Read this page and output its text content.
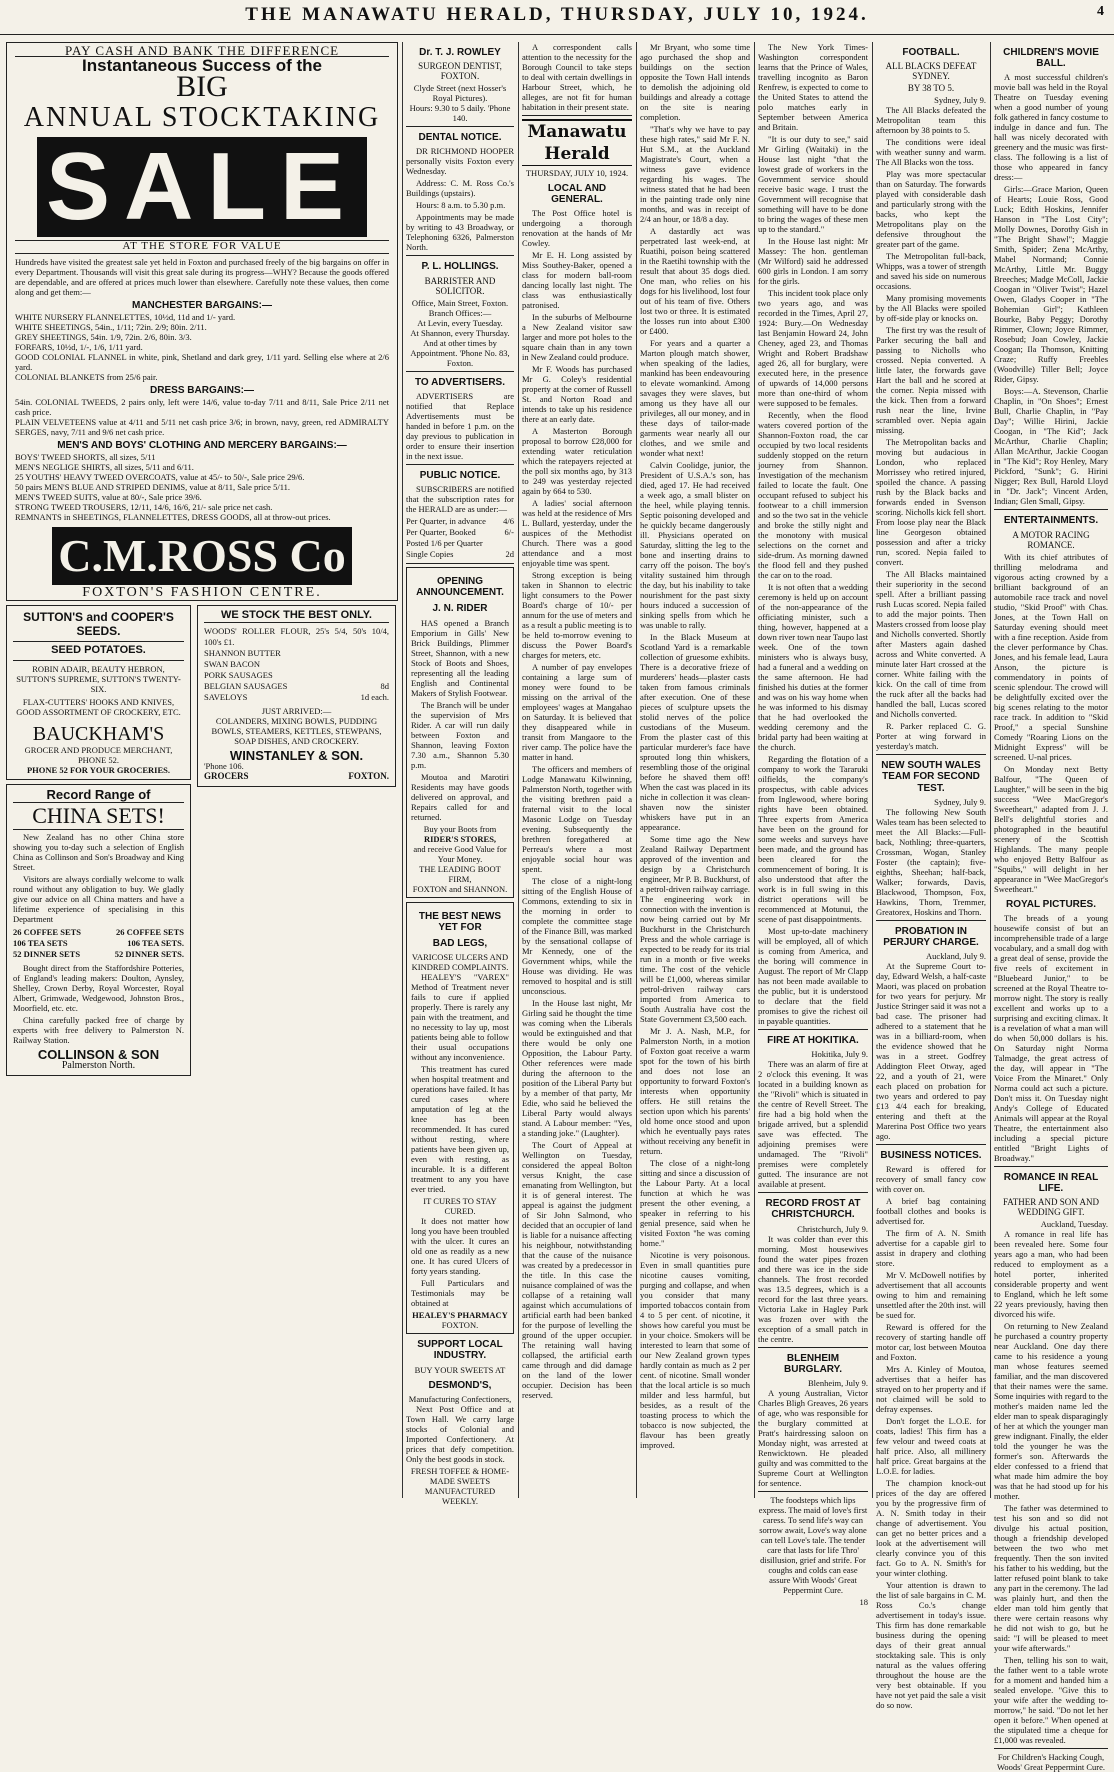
THE MANAWATU HERALD, THURSDAY, JULY 10, 1924.	4
PAY CASH AND BANK THE DIFFERENCE
Instantaneous Success of the
BIG
ANNUAL STOCKTAKING
SALE
AT THE STORE FOR VALUE
Hundreds have visited the greatest sale yet held in Foxton and purchased freely of the big bargains on offer in every Department. Thousands will visit this great sale during its progress—WHY? Because the goods offered are dependable, and are offered at prices much lower than elsewhere. Carefully note these values, then come along and get them:—
MANCHESTER BARGAINS:—
WHITE NURSERY FLANNELETTES, 10½d, 11d and 1/- yard.
WHITE SHEETINGS, 54in., 1/11; 72in. 2/9; 80in. 2/11.
GREY SHEETINGS, 54in. 1/9, 72in. 2/6, 80in. 3/3.
FORFARS, 10½d, 1/-, 1/6, 1/11 yard.
GOOD COLONIAL FLANNEL in white, pink, Shetland and dark grey, 1/11 yard. Selling else where at 2/6 yard.
COLONIAL BLANKETS from 25/6 pair.
DRESS BARGAINS:—
54in. COLONIAL TWEEDS, 2 pairs only, left were 14/6, value to-day 7/11 and 8/11, Sale Price 2/11 net cash price.
PLAIN VELVETEENS value at 4/11 and 5/11 net cash price 3/6; in brown, navy, green, red ADMIRALTY SERGES, navy, 7/11 and 9/6 net cash price.
MEN'S AND BOYS' CLOTHING AND MERCERY BARGAINS:—
BOYS' TWEED SHORTS, all sizes, 5/11
MEN'S NEGLIGE SHIRTS, all sizes, 5/11 and 6/11.
25 YOUTHS' HEAVY TWEED OVERCOATS, value at 45/- to 50/-, Sale price 29/6.
50 pairs MEN'S BLUE AND STRIPED DENIMS, value at 8/11, Sale price 5/11.
MEN'S TWEED SUITS, value at 80/-, Sale price 39/6.
STRONG TWEED TROUSERS, 12/11, 14/6, 16/6, 21/- sale price net cash.
REMNANTS in SHEETINGS, FLANNELETTES, DRESS GOODS, all at throw-out prices.
C.M.ROSS Co
FOXTON'S FASHION CENTRE.
SUTTON'S and COOPER'S SEEDS.
SEED POTATOES.
ROBIN ADAIR, BEAUTY HEBRON, SUTTON'S SUPREME, SUTTON'S TWENTY-SIX.
FLAX-CUTTERS' HOOKS AND KNIVES, GOOD ASSORTMENT OF CROCKERY, ETC.
BAUCKHAM'S
GROCER AND PRODUCE MERCHANT, PHONE 52.
PHONE 52 FOR YOUR GROCERIES.
Record Range of
CHINA SETS!

New Zealand has no other China store showing you to-day such a selection of English China as Collinson and Son's Broadway and King Street.

Visitors are always cordially welcome to walk round without any obligation to buy. We gladly give our advice on all China matters and have a lifetime experience of specialising in this Department

26 COFFEE SETS	26 COFFEE SETS
106 TEA SETS	106 TEA SETS.
52 DINNER SETS	52 DINNER SETS.

Bought direct from the Staffordshire Potteries, of England's leading makers: Doulton, Aynsley, Shelley, Crown Derby, Royal Worcester, Royal Albert, Grimwade, Wedgewood, Johnston Bros., Moorfield, etc. etc.

China carefully packed free of charge by experts with free delivery to Palmerston N. Railway Station.

COLLINSON & SON
Palmerston North.
WE STOCK THE BEST ONLY.
WOODS' ROLLER FLOUR, 25's 5/4, 50's 10/4, 100's £1.
SHANNON BUTTER
SWAN BACON
PORK SAUSAGES
BELGIAN SAUSAGES	8d
SAVELOYS	1d each.
JUST ARRIVED:—
COLANDERS, MIXING BOWLS, PUDDING BOWLS, STEAMERS, KETTLES, STEWPANS, SOAP DISHES, AND CROCKERY.
WINSTANLEY & SON.
'Phone 106.
GROCERS	FOXTON.
Dr. T. J. ROWLEY
SURGEON DENTIST, FOXTON.
Clyde Street (next Hosser's Royal Pictures).
Hours: 9.30 to 5 daily. 'Phone 140.
DENTAL NOTICE.

DR RICHMOND HOOPER personally visits Foxton every Wednesday.

Address: C. M. Ross Co.'s Buildings (upstairs).

Hours: 8 a.m. to 5.30 p.m.

Appointments may be made by writing to 43 Broadway, or Telephoning 6326, Palmerston North.

P. L. HOLLINGS.
BARRISTER AND SOLICITOR.
Office, Main Street, Foxton.
Branch Offices:—
At Levin, every Tuesday.
At Shannon, every Thursday.
And at other times by Appointment. 'Phone No. 83, Foxton.
TO ADVERTISERS.

ADVERTISERS are notified that Replace Advertisements must be handed in before 1 p.m. on the day previous to publication in order to ensure their insertion in the next issue.

PUBLIC NOTICE.

SUBSCRIBERS are notified that the subscription rates for the HERALD are as under:—

Per Quarter, in advance 4/6
Per Quarter, Booked	6/-
Posted 1/6 per Quarter
Single Copies	2d
OPENING ANNOUNCEMENT.
J. N. RIDER

HAS opened a Branch Emporium in Gills' New Brick Buildings, Plimmer Street, Shannon, with a new Stock of Boots and Shoes, representing all the leading English and Continental Makers of Stylish Footwear.

The Branch will be under the supervision of Mrs Rider. A car will run daily between Foxton and Shannon, leaving Foxton 7.30 a.m., Shannon 5.30 p.m.

Moutoa and Marotiri Residents may have goods delivered on approval, and Repairs called for and returned.

Buy your Boots from
RIDER'S STORES,
and receive Good Value for Your Money.
THE LEADING BOOT FIRM,
FOXTON and SHANNON.
THE BEST NEWS YET FOR
BAD LEGS,
VARICOSE ULCERS AND KINDRED COMPLAINTS.

HEALEY'S "VAREX" Method of Treatment never fails to cure if applied properly. There is rarely any pain with the treatment, and no necessity to lay up, most patients being able to follow their usual occupations without any inconvenience.

This treatment has cured when hospital treatment and operations have failed. It has cured cases where amputation of leg at the knee has been recommended. It has cured without resting, where patients have been given up, even with resting, as incurable. It is a different treatment to any you have ever tried.

IT CURES TO STAY CURED.

It does not matter how long you have been troubled with the ulcer. It cures an old one as readily as a new one. It has cured Ulcers of forty years standing.

Full Particulars and Testimonials may be obtained at

HEALEY'S PHARMACY
FOXTON.
SUPPORT LOCAL INDUSTRY.
BUY YOUR SWEETS AT
DESMOND'S,
Manufacturing Confectioners,

Next Post Office and at Town Hall. We carry large stocks of Colonial and Imported Confectionery. At prices that defy competition. Only the best goods in stock.

FRESH TOFFEE & HOME-MADE SWEETS MANUFACTURED WEEKLY.

A correspondent calls attention to the necessity for the Borough Council to take steps to deal with certain dwellings in Harbour Street, which, he alleges, are not fit for human habitation in their present state.

Manawatu Herald
THURSDAY, JULY 10, 1924.
LOCAL AND GENERAL.

The Post Office hotel is undergoing a thorough renovation at the hands of Mr Cowley.

Mr E. H. Long assisted by Miss Southey-Baker, opened a class for modern ball-room dancing locally last night. The class was enthusiastically patronised.

In the suburbs of Melbourne a New Zealand visitor saw larger and more pot holes to the square chain than in any town in New Zealand could produce.

Mr F. Woods has purchased Mr G. Coley's residential property at the corner of Russell St. and Norton Road and intends to take up his residence there at an early date.

A Masterton Borough proposal to borrow £28,000 for extending water reticulation which the ratepayers rejected at the poll six months ago, by 313 to 249 was yesterday rejected again by 664 to 530.

A ladies' social afternoon was held at the residence of Mrs L. Bullard, yesterday, under the auspices of the Methodist Church. There was a good attendance and a most enjoyable time was spent.

Strong exception is being taken in Shannon to electric light consumers to the Power Board's charge of 10/- per annum for the use of meters and as a result a public meeting is to be held to-morrow evening to discuss the Power Board's charges for meters, etc.

A number of pay envelopes containing a large sum of money were found to be missing on the arrival of the employees' wages at Mangahao on Saturday. It is believed that they disappeared while in transit from Mangaore to the river camp. The police have the matter in hand.

The officers and members of Lodge Manawatu Kilwinning, Palmerston North, together with the visiting brethren paid a fraternal visit to the local Masonic Lodge on Tuesday evening. Subsequently the brethren foregathered at Perreau's where a most enjoyable social hour was spent.

The close of a night-long sitting of the English House of Commons, extending to six in the morning in order to complete the committee stage of the Finance Bill, was marked by the sensational collapse of Mr Kennedy, one of the Government whips, while the House was dividing. He was removed to hospital and is still unconscious.

In the House last night, Mr Girling said he thought the time was coming when the Liberals would be extinguished and that there would be only one Opposition, the Labour Party. Other references were made during the afternoon to the position of the Liberal Party but by a member of that party, Mr Edie, who said he believed the Liberal Party would always stand. A Labour member: "Yes, a standing joke." (Laughter).

The Court of Appeal at Wellington on Tuesday, considered the appeal Bolton versus Knight, the case emanating from Wellington, but it is of general interest. The appeal is against the judgment of Sir John Salmond, who decided that an occupier of land is liable for a nuisance affecting his neighbour, notwithstanding that the cause of the nuisance was created by a predecessor in the title. In this case the nuisance complained of was the collapse of a retaining wall against which accumulations of artificial earth had been banked for the purpose of levelling the ground of the upper occupier. The retaining wall having collapsed, the artificial earth came through and did damage on the land of the lower occupier. Decision has been reserved.

Mr Bryant, who some time ago purchased the shop and buildings on the section opposite the Town Hall intends to demolish the adjoining old buildings and already a cottage on the site is nearing completion.

"That's why we have to pay these high rates," said Mr F. N. Hut S.M., at the Auckland Magistrate's Court, when a witness gave evidence regarding his wages. The witness stated that he had been in the painting trade only nine months, and was in receipt of 2/4 an hour, or 18/8 a day.

A dastardly act was perpetrated last week-end, at Ruatihi, poison being scattered in the Raetihi township with the result that about 35 dogs died. One man, who relies on his dogs for his livelihood, lost four out of his team of five. Others lost two or three. It is estimated the losses run into about £300 or £400.

For years and a quarter a Marton plough match shower, when speaking of the ladies, mankind has been endeavouring to elevate womankind. Among savages they were slaves, but among us they have all our privileges, all our money, and in these days of tailor-made garments wear nearly all our clothes, and we smile and wonder what next!

Calvin Coolidge, junior, the President of U.S.A.'s son, has died, aged 17. He had received a week ago, a small blister on the heel, while playing tennis. Septic poisoning developed and he quickly became dangerously ill. Physicians operated on Saturday, slitting the leg to the bone and inserting drains to carry off the poison. The boy's vitality sustained him through the day, but his inability to take nourishment for the past sixty hours induced a succession of sinking spells from which he was unable to rally.

In the Black Museum at Scotland Yard is a remarkable collection of gruesome exhibits. There is a decorative frieze of murderers' heads—plaster casts taken from famous criminals after execution. One of these pieces of sculpture upsets the stolid nerves of the police custodians of the Museum. From the plaster cast of this particular murderer's face have sprouted long thin whiskers, resembling those of the original before he shaved them off! When the cast was placed in its niche in collection it was clean-shaven now the sinister whiskers have put in an appearance.

Some time ago the New Zealand Railway Department approved of the invention and design by a Christchurch engineer, Mr P. B. Buckhurst, of a petrol-driven railway carriage. The engineering work in connection with the invention is now being carried out by Mr Buckhurst in the Christchurch Press and the whole carriage is expected to be ready for its trial run in a month or five weeks time. The cost of the vehicle will be £1,000, whereas similar petrol-driven railway cars imported from America to South Australia have cost the State Government £3,500 each.

Mr J. A. Nash, M.P., for Palmerston North, in a motion of Foxton goat receive a warm spot for the town of his birth and does not lose an opportunity to forward Foxton's interests when opportunity offers. He still retains the section upon which his parents' old home once stood and upon which he eventually pays rates without receiving any benefit in return.

The close of a night-long sitting and since a discussion of the Labour Party. At a local function at which he was present the other evening, a speaker in referring to his genial presence, said when he visited Foxton "he was coming home."

Nicotine is very poisonous. Even in small quantities pure nicotine causes vomiting, purging and collapse, and when you consider that many imported tobaccos contain from 4 to 5 per cent. of nicotine, it shows how careful you must be in your choice. Smokers will be interested to learn that some of our New Zealand grown types hardly contain as much as 2 per cent. of nicotine. Small wonder that the local article is so much milder and less harmful, but besides, as a result of the toasting process to which the tobacco is now subjected, the flavour has been greatly improved.

The New York Times-Washington correspondent learns that the Prince of Wales, travelling incognito as Baron Renfrew, is expected to come to the United States to attend the polo matches early in September between America and Britain.

"It is our duty to see," said Mr Girling (Waitaki) in the House last night "that the lowest grade of workers in the Government service should receive basic wage. I trust the Government will recognise that something will have to be done to bring the wages of these men up to the standard."

In the House last night: Mr Massey: The hon. gentleman (Mr Wilford) said he addressed 600 girls in London. I am sorry for the girls.

This incident took place only two years ago, and was recorded in the Times, April 27, 1924: Bury.—On Wednesday last Benjamin Howard 24, John Cheney, aged 23, and Thomas Wright and Robert Bradshaw aged 26, all for burglary, were executed here, in the presence of upwards of 14,000 persons more than one-third of whom were supposed to be females.

Recently, when the flood waters covered portion of the Shannon-Foxton road, the car occupied by two local residents suddenly stopped on the return journey from Shannon. Investigation of the mechanism failed to locate the fault. One occupant refused to subject his footwear to a chill immersion and so the two sat in the vehicle and broke the stilly night and the monotony with musical selections on the cornet and side-drum. As morning dawned the flood fell and they pushed the car on to the road.

It is not often that a wedding ceremony is held up on account of the non-appearance of the officiating minister, such a thing, however, happened at a down river town near Taupo last week. One of the town ministers who is always busy, had a funeral and a wedding on the same afternoon. He had finished his duties at the former and was on his way home when he was informed to his dismay that he had overlooked the wedding ceremony and the bridal party had been waiting at the church.

Regarding the flotation of a company to work the Tararuki oilfields, the company's prospectus, with cable advices from Inglewood, where boring rights have been obtained. Three experts from America have been on the ground for some weeks and surveys have been made, and the ground has been cleared for the commencement of boring. It is also understood that after the work is in full swing in this district operations will be recommenced at Motunui, the scene of past disappointments.

Most up-to-date machinery will be employed, all of which is coming from America, and the boring will commence in August. The report of Mr Clapp has not been made available to the public, but it is understood to declare that the field promises to give the richest oil in payable quantities.

FIRE AT HOKITIKA.
Hokitika, July 9.

There was an alarm of fire at 2 o'clock this evening. It was located in a building known as the "Rivoli" which is situated in the centre of Revell Street. The fire had a big hold when the brigade arrived, but a splendid save was effected. The adjoining premises were undamaged. The "Rivoli" premises were completely gutted. The insurance are not available at present.

RECORD FROST AT CHRISTCHURCH.
Christchurch, July 9.

It was colder than ever this morning. Most housewives found the water pipes frozen and there was ice in the side channels. The frost recorded was 13.5 degrees, which is a record for the last three years. Victoria Lake in Hagley Park was frozen over with the exception of a small patch in the centre.

BLENHEIM BURGLARY.
Blenheim, July 9.

A young Australian, Victor Charles Bligh Greaves, 26 years of age, who was responsible for the burglary committed at Pratt's hairdressing saloon on Monday night, was arrested at Renwicktown. He pleaded guilty and was committed to the Supreme Court at Wellington for sentence.

The foodsteps which lips express. The maid of love's first caress. To send life's way can sorrow await, Love's way alone can tell Love's tale. The tender care that lasts for life Thro' disillusion, grief and strife. For coughs and colds can ease assure With Woods' Great Peppermint Cure.

18
FOOTBALL.
ALL BLACKS DEFEAT SYDNEY.
BY 38 TO 5.
Sydney, July 9.

The All Blacks defeated the Metropolitan team this afternoon by 38 points to 5.

The conditions were ideal with weather sunny and warm. The All Blacks won the toss.

Play was more spectacular than on Saturday. The forwards played with considerable dash and particularly strong with the backs, who kept the Metropolitans play on the defensive throughout the greater part of the game.

The Metropolitan full-back, Whipps, was a tower of strength and saved his side on numerous occasions.

Many promising movements by the All Blacks were spoiled by off-side play or knocks on.

The first try was the result of Parker securing the ball and passing to Nicholls who crossed. Nepia converted. A little later, the forwards gave Hart the ball and he scored at the corner. Nepia missed with the kick. Then from a forward rush near the line, Irvine scrambled over. Nepia again missing.

The Metropolitan backs and moving but audacious in London, who replaced Morrissey who retired injured, spoiled the chance. A passing rush by the Black backs and forwards ended in Svenson scoring. Nicholls kick fell short. From loose play near the Black line Georgeson obtained possession and after a tricky run, scored. Nepia failed to convert.

The All Blacks maintained their superiority in the second spell. After a brilliant passing rush Lucas scored. Nepia failed to add the major points. Then Masters crossed from loose play and Nicholls converted. Shortly after Masters again dashed across and White converted. A minute later Hart crossed at the corner. White failing with the kick. On the call of time from the ruck after all the backs had handled the ball, Lucas scored and Nicholls converted.

R. Parker replaced C. G. Porter at wing forward in yesterday's match.

NEW SOUTH WALES TEAM FOR SECOND TEST.
Sydney, July 9.

The following New South Wales team has been selected to meet the All Blacks:—Full-back, Nothling; three-quarters, Crossman, Wogan, Stanley Foster (the captain); five-eighths, Sheehan; half-back, Walker; forwards, Davis, Blackwood, Thompson, Fox, Hawkins, Thorn, Tremmer, Greatorex, Hoskins and Thorn.

PROBATION IN PERJURY CHARGE.
Auckland, July 9.

At the Supreme Court to-day, Edward Welsh, a half-caste Maori, was placed on probation for two years for perjury. Mr Justice Stringer said it was not a bad case. The prisoner had adhered to a statement that he was in a billiard-room, when the evidence showed that he was in a street. Godfrey Addington Fleet Otway, aged 22, and a youth of 21, were each placed on probation for two years and ordered to pay £13 4/4 each for breaking, entering and theft at the Marerina Post Office two years ago.

BUSINESS NOTICES.

Reward is offered for recovery of small fancy cow with cover on.

A brief bag containing football clothes and books is advertised for.

The firm of A. N. Smith advertise for a capable girl to assist in drapery and clothing store.

Mr V. McDowell notifies by advertisement that all accounts owing to him and remaining unsettled after the 20th inst. will be sued for.

Reward is offered for the recovery of starting handle off motor car, lost between Moutoa and Foxton.

Mrs A. Kinley of Moutoa, advertises that a heifer has strayed on to her property and if not claimed will be sold to defray expenses.

Don't forget the L.O.E. for coats, ladies! This firm has a few velour and tweed coats at half price. Also, all millinery half price. Great bargains at the L.O.E. for ladies.

The champion knock-out prices of the day are offered you by the progressive firm of A. N. Smith today in their change of advertisement. You can get no better prices and a look at the advertisement will clearly convince you of this fact. Go to A. N. Smith's for your winter clothing.

Your attention is drawn to the list of sale bargains in C. M. Ross Co.'s change advertisement in today's issue. This firm has done remarkable business during the opening days of their great annual stocktaking sale. This is only natural as the values offering throughout the house are the very best obtainable. If you have not yet paid the sale a visit do so now.

CHILDREN'S MOVIE BALL.

A most successful children's movie ball was held in the Royal Theatre on Tuesday evening when a good number of young folk gathered in fancy costume to indulge in dance and fun. The hall was nicely decorated with greenery and the music was first-class. The following is a list of those who appeared in fancy dress:—

Girls:—Grace Marion, Queen of Hearts; Louie Ross, Good Luck; Edith Hoskins, Jennifer Hanson in "The Lost City"; Molly Downes, Dorothy Gish in "The Bright Shawl"; Maggie Smith, Spider; Zena McArthy, Mabel Normand; Connie McArthy, Little Mr. Buggy Breeches; Madge McColl, Jackie Coogan in "Oliver Twist"; Hazel Owen, Gladys Cooper in "The Bohemian Girl"; Kathleen Bourke, Baby Peggy; Dorothy Rimmer, Clown; Joyce Rimmer, Rosebud; Joan Cowley, Jackie Coogan; Ila Thomson, Knitting Craze; Ruffy Freebles (Woodville) Tiller Bell; Joyce Rider, Gipsy.

Boys:—A. Stevenson, Charlie Chaplin, in "On Shoes"; Ernest Bull, Charlie Chaplin, in "Pay Day"; Willie Hirini, Jackie Coogan, in "The Kid"; Jack McArthur, Charlie Chaplin; Allan McArthur, Jackie Coogan in "The Kid"; Roy Henley, Mary Pickford, "Sunk"; G. Hirini Nigger; Rex Bull, Harold Lloyd in "Dr. Jack"; Vincent Arden, Indian; Glen Small, Gipsy.

ENTERTAINMENTS.
A MOTOR RACING ROMANCE.

With its chief attributes of thrilling melodrama and vigorous acting crowned by a brilliant background of an automobile race track and novel studio, "Skid Proof" with Chas. Jones, at the Town Hall on Saturday evening should meet with a fine reception. Aside from the clever performance by Chas. Jones, and his female lead, Laura Anson, the picture is commendatory in points of scenic splendour. The crowd will be delightfully excited over the big scenes relating to the motor race track. In addition to "Skid Proof," a special Sunshine Comedy "Roaring Lions on the Midnight Express" will be screened. U-nal prices.

On Monday next Betty Balfour, "The Queen of Laughter," will be seen in the big success "Wee MacGregor's Sweetheart," adapted from J. J. Bell's delightful stories and photographed in the beautiful scenery of the Scottish Highlands. The many people who enjoyed Betty Balfour as "Squibs," will delight in her appearance in "Wee MacGregor's Sweetheart."

ROYAL PICTURES.

The breads of a young housewife consist of but an incomprehensible trade of a large vocabulary, and a small dog with a great deal of sense, provide the five reels of excitement in "Bluebeard Junior," to be screened at the Royal Theatre to-morrow night. The story is really excellent and works up to a surprising and exciting climax. It is a revelation of what a man will do when 50,000 dollars is his. On Saturday night Norma Talmadge, the great actress of the day, will appear in "The Voice From the Minaret." Only Norma could act such a picture. Don't miss it. On Tuesday night Andy's College of Educated Animals will appear at the Royal Theatre, the entertainment also including a special picture entitled "Bright Lights of Broadway."

ROMANCE IN REAL LIFE.
FATHER AND SON AND WEDDING GIFT.
Auckland, Tuesday.

A romance in real life has been revealed here. Some four years ago a man, who had been reduced to employment as a hotel porter, inherited considerable property and went to England, which he left some 22 years previously, having then divorced his wife.

On returning to New Zealand he purchased a country property near Auckland. One day there came to his residence a young man whose features seemed familiar, and the man discovered that their names were the same. Some inquiries with regard to the mother's maiden name led the elder man to speak disparagingly of her at which the younger man grew indignant. Finally, the elder told the younger he was the former's son. Afterwards the elder confessed to a friend that what made him admire the boy was that he had stood up for his mother.

The father was determined to test his son and so did not divulge his actual position, though a friendship developed between the two who met frequently. Then the son invited his father to his wedding, but the latter refused point blank to take any part in the ceremony. The lad was plainly hurt, and then the elder man told him gently that there were certain reasons why he did not wish to go, but he said: "I will be pleased to meet your wife afterwards."

Then, telling his son to wait, the father went to a table wrote for a moment and handed him a sealed envelope. "Give this to your wife after the wedding to-morrow," he said. "Do not let her open it before." When opened at the stipulated time a cheque for £1,000 was revealed.

For Children's Hacking Cough, Woods' Great Peppermint Cure.
